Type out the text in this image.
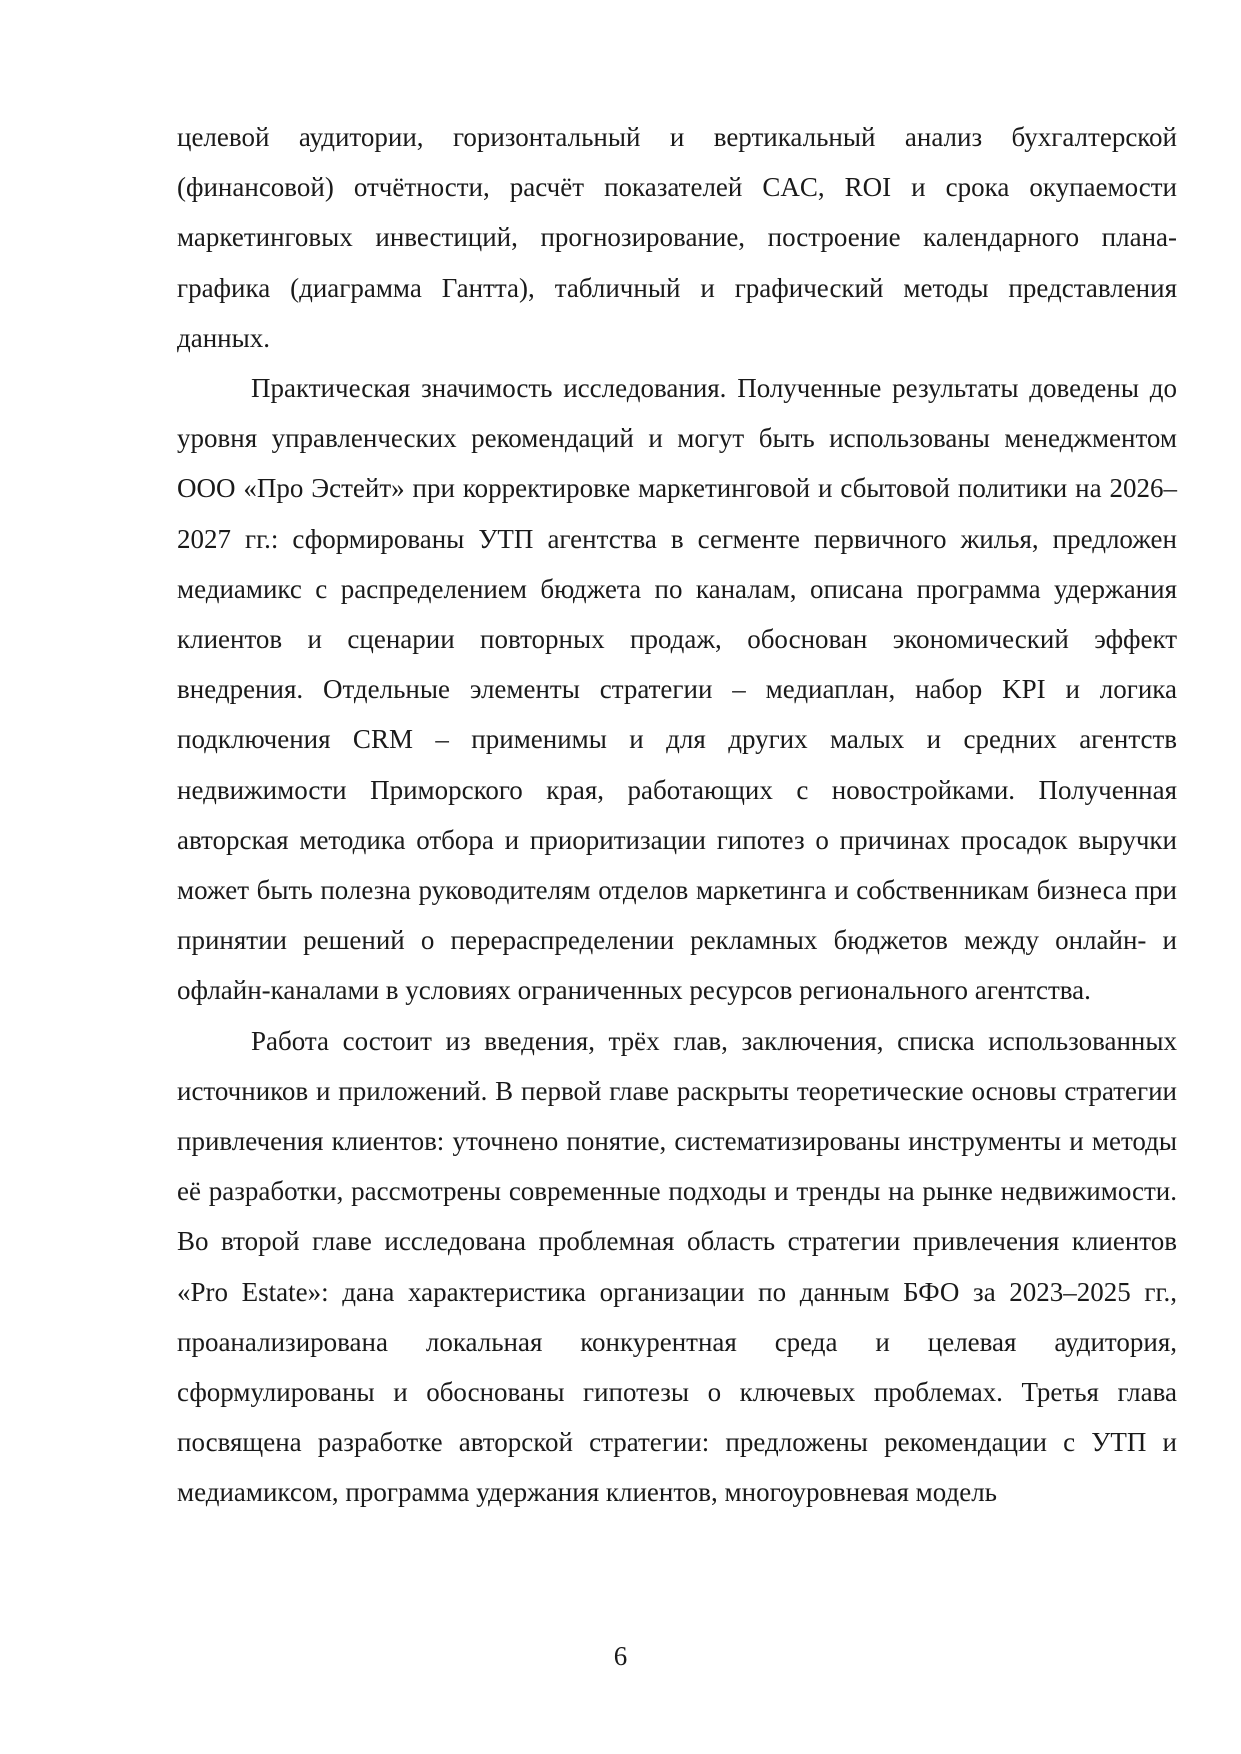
целевой аудитории, горизонтальный и вертикальный анализ бухгалтерской (финансовой) отчётности, расчёт показателей CAC, ROI и срока окупаемости маркетинговых инвестиций, прогнозирование, построение календарного плана-графика (диаграмма Гантта), табличный и графический методы представления данных.

Практическая значимость исследования. Полученные результаты доведены до уровня управленческих рекомендаций и могут быть использованы менеджментом ООО «Про Эстейт» при корректировке маркетинговой и сбытовой политики на 2026–2027 гг.: сформированы УТП агентства в сегменте первичного жилья, предложен медиамикс с распределением бюджета по каналам, описана программа удержания клиентов и сценарии повторных продаж, обоснован экономический эффект внедрения. Отдельные элементы стратегии – медиаплан, набор KPI и логика подключения CRM – применимы и для других малых и средних агентств недвижимости Приморского края, работающих с новостройками. Полученная авторская методика отбора и приоритизации гипотез о причинах просадок выручки может быть полезна руководителям отделов маркетинга и собственникам бизнеса при принятии решений о перераспределении рекламных бюджетов между онлайн- и офлайн-каналами в условиях ограниченных ресурсов регионального агентства.

Работа состоит из введения, трёх глав, заключения, списка использованных источников и приложений. В первой главе раскрыты теоретические основы стратегии привлечения клиентов: уточнено понятие, систематизированы инструменты и методы её разработки, рассмотрены современные подходы и тренды на рынке недвижимости. Во второй главе исследована проблемная область стратегии привлечения клиентов «Pro Estate»: дана характеристика организации по данным БФО за 2023–2025 гг., проанализирована локальная конкурентная среда и целевая аудитория, сформулированы и обоснованы гипотезы о ключевых проблемах. Третья глава посвящена разработке авторской стратегии: предложены рекомендации с УТП и медиамиксом, программа удержания клиентов, многоуровневая модель

6
